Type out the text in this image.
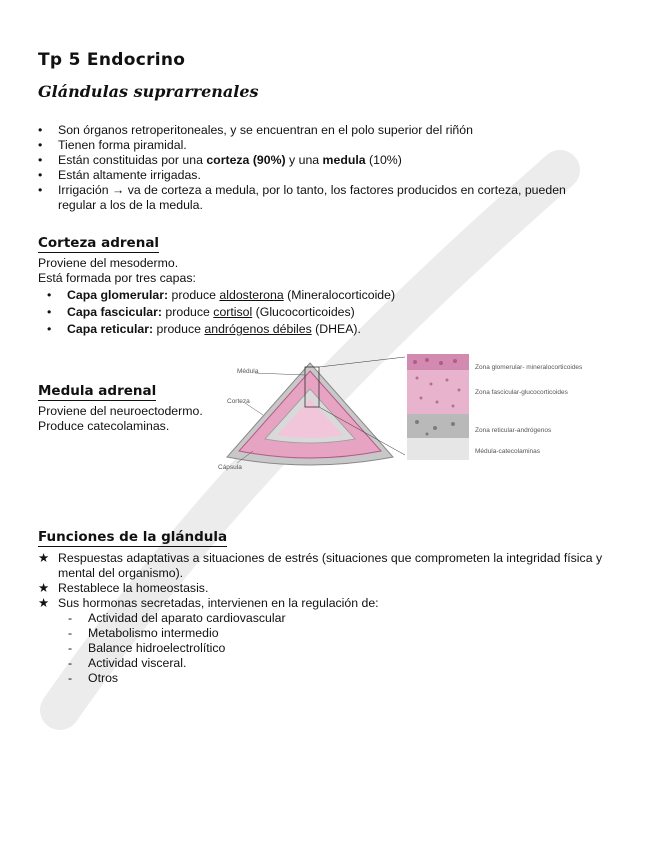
Tp 5 Endocrino
Glándulas suprarrenales
• Son órganos retroperitoneales, y se encuentran en el polo superior del riñón
• Tienen forma piramidal.
• Están constituidas por una corteza (90%) y una medula (10%)
• Están altamente irrigadas.
• Irrigación → va de corteza a medula, por lo tanto, los factores producidos en corteza, pueden regular a los de la medula.
Corteza adrenal
Proviene del mesodermo.
Está formada por tres capas:
• Capa glomerular: produce aldosterona (Mineralocorticoide)
• Capa fascicular: produce cortisol (Glucocorticoides)
• Capa reticular: produce andrógenos débiles (DHEA).
Medula adrenal
Proviene del neuroectodermo.
Produce catecolaminas.
Médula
Corteza
Cápsula
Zona glomerular- mineralocorticoides
Zona fascicular-glucocorticoides
Zona reticular-andrógenos
Médula-catecolaminas
Funciones de la glándula
★ Respuestas adaptativas a situaciones de estrés (situaciones que comprometen la integridad física y mental del organismo).
★ Restablece la homeostasis.
★ Sus hormonas secretadas, intervienen en la regulación de:
- Actividad del aparato cardiovascular
- Metabolismo intermedio
- Balance hidroelectrolítico
- Actividad visceral.
- Otros
